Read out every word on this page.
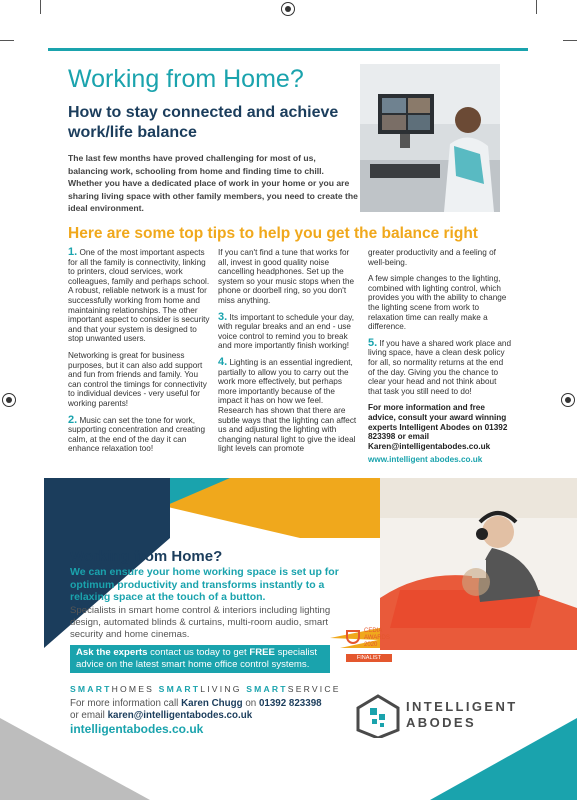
Working from Home?
How to stay connected and achieve work/life balance
The last few months have proved challenging for most of us, balancing work, schooling from home and finding time to chill. Whether you have a dedicated place of work in your home or you are sharing living space with other family members, you need to create the ideal environment.
Here are some top tips to help you get the balance right

1. One of the most important aspects for all the family is connectivity, linking to printers, cloud services, work colleagues, family and perhaps school. A robust, reliable network is a must for successfully working from home and maintaining relationships. The other important aspect to consider is security and that your system is designed to stop unwanted users.

Networking is great for business purposes, but it can also add support and fun from friends and family. You can control the timings for connectivity to individual devices - very useful for working parents!

2. Music can set the tone for work, supporting concentration and creating calm, at the end of the day it can enhance relaxation too!

If you can't find a tune that works for all, invest in good quality noise cancelling headphones. Set up the system so your music stops when the phone or doorbell ring, so you don't miss anything.

3. Its important to schedule your day, with regular breaks and an end - use voice control to remind you to break and more importantly finish working!

4. Lighting is an essential ingredient, partially to allow you to carry out the work more effectively, but perhaps more importantly because of the impact it has on how we feel. Research has shown that there are subtle ways that the lighting can affect us and adjusting the lighting with changing natural light to give the ideal light levels can promote

greater productivity and a feeling of well-being.

A few simple changes to the lighting, combined with lighting control, which provides you with the ability to change the lighting scene from work to relaxation time can really make a difference.

5. If you have a shared work place and living space, have a clean desk policy for all, so normality returns at the end of the day. Giving you the chance to clear your head and not think about that task you still need to do!

For more information and free advice, consult your award winning experts Intelligent Abodes on 01392 823398 or email Karen@intelligentabodes.co.uk

www.intelligent abodes.co.uk

Working from Home?
We can ensure your home working space is set up for optimum productivity and transforms instantly to a relaxing space at the touch of a button.
Specialists in smart home control & interiors including lighting design, automated blinds & curtains, multi-room audio, smart security and home cinemas.
Ask the experts contact us today to get FREE specialist advice on the latest smart home office control systems.
CEDIA
AWARDS
2020
FINALIST
SMARTHOMES SMARTLIVING SMARTSERVICE
For more information call Karen Chugg on 01392 823398
or email karen@intelligentabodes.co.uk
intelligentabodes.co.uk
INTELLIGENT
ABODES
